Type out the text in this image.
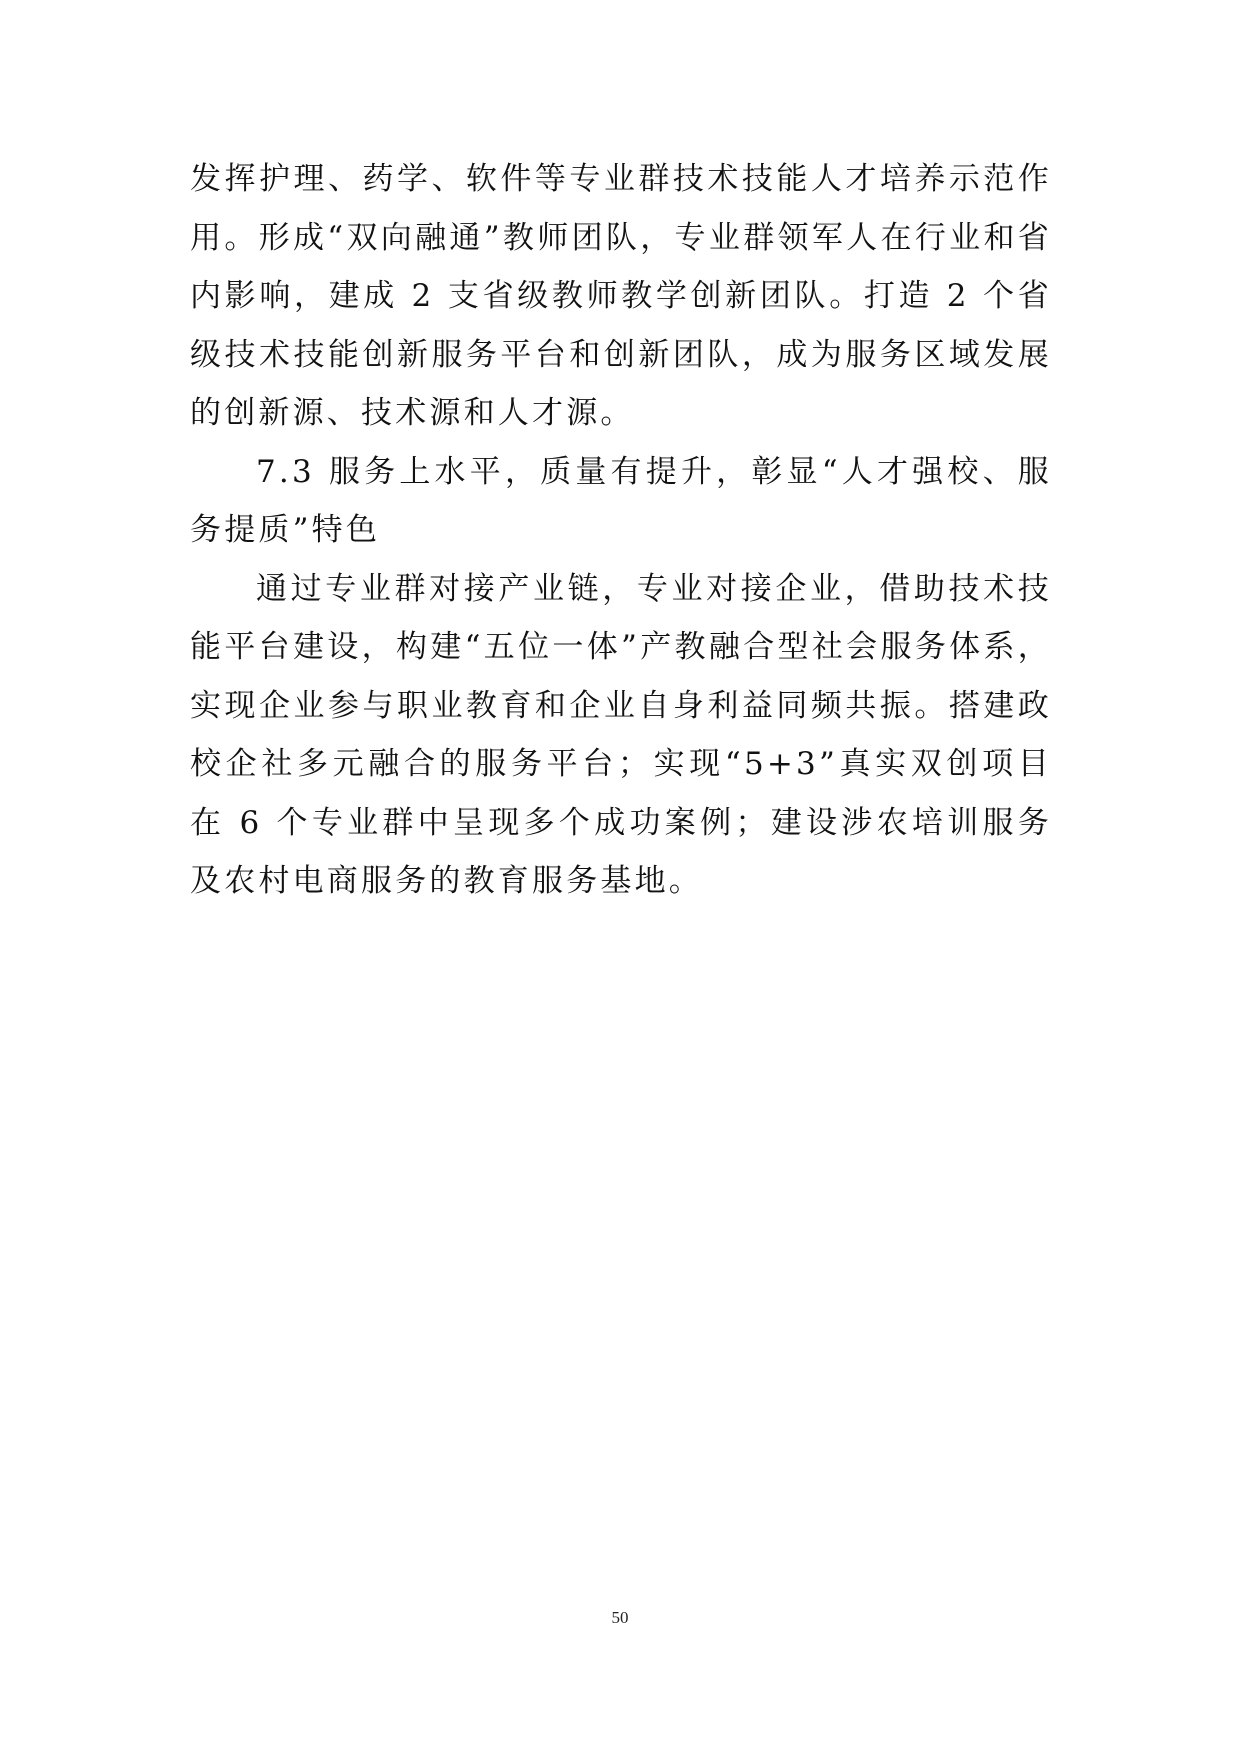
发挥护理、药学、软件等专业群技术技能人才培养示范作用。形成“双向融通”教师团队，专业群领军人在行业和省内影响，建成 2 支省级教师教学创新团队。打造 2 个省级技术技能创新服务平台和创新团队，成为服务区域发展的创新源、技术源和人才源。

7.3 服务上水平，质量有提升，彰显“人才强校、服务提质”特色

通过专业群对接产业链，专业对接企业，借助技术技能平台建设，构建“五位一体”产教融合型社会服务体系，实现企业参与职业教育和企业自身利益同频共振。搭建政校企社多元融合的服务平台；实现“5+3”真实双创项目在 6 个专业群中呈现多个成功案例；建设涉农培训服务及农村电商服务的教育服务基地。

50
